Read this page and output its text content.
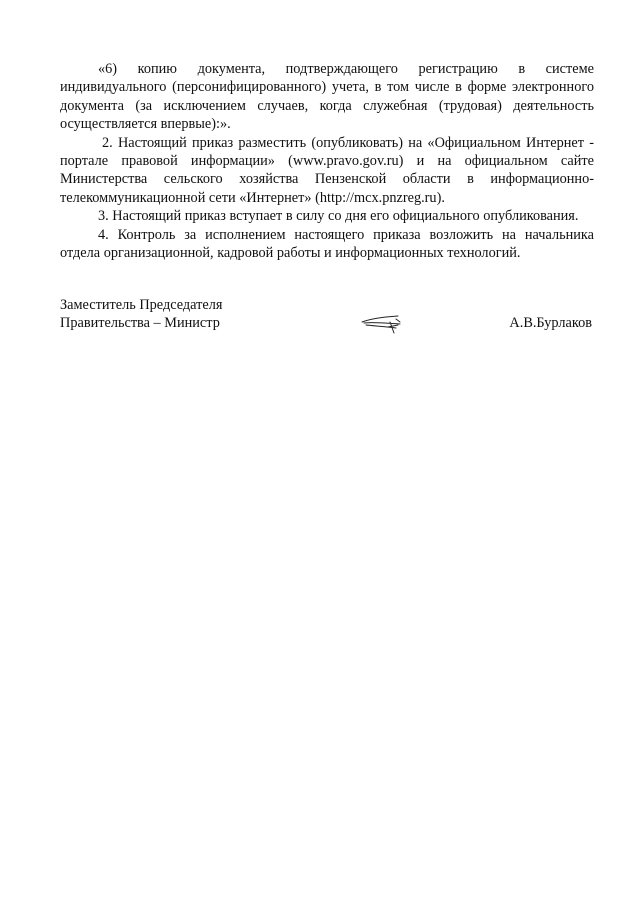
«6) копию документа, подтверждающего регистрацию в системе индивидуального (персонифицированного) учета, в том числе в форме электронного документа (за исключением случаев, когда служебная (трудовая) деятельность осуществляется впервые):».

2. Настоящий приказ разместить (опубликовать) на «Официальном Интернет - портале правовой информации» (www.pravo.gov.ru) и на официальном сайте Министерства сельского хозяйства Пензенской области в информационно-телекоммуникационной сети «Интернет» (http://mcx.pnzreg.ru).

3. Настоящий приказ вступает в силу со дня его официального опубликования.

4. Контроль за исполнением настоящего приказа возложить на начальника отдела организационной, кадровой работы и информационных технологий.

Заместитель Председателя
Правительства – Министр	А.В.Бурлаков
